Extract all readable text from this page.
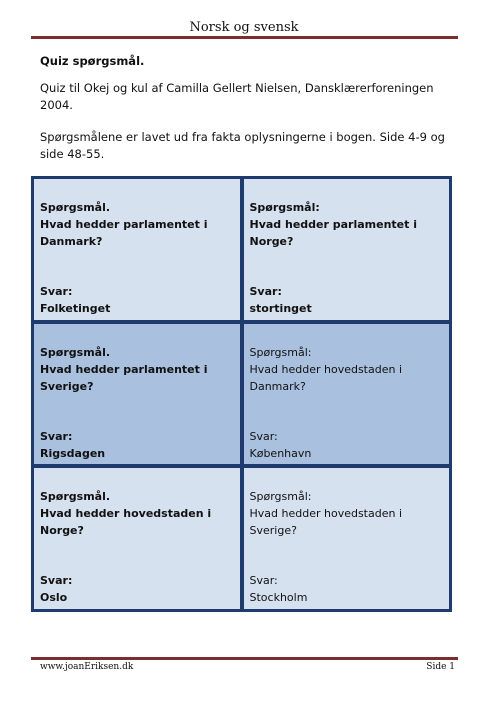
Norsk og svensk
Quiz spørgsmål.
Quiz til Okej og kul af Camilla Gellert Nielsen, Dansklærerforeningen 2004.
Spørgsmålene er lavet ud fra fakta oplysningerne i bogen. Side 4-9 og side 48-55.
Spørgsmål.
Hvad hedder parlamentet i Danmark?
Svar:
Folketinget
Spørgsmål:
Hvad hedder parlamentet i Norge?
Svar:
stortinget
Spørgsmål.
Hvad hedder parlamentet i Sverige?
Svar:
Rigsdagen
Spørgsmål:
Hvad hedder hovedstaden i Danmark?
Svar:
København
Spørgsmål.
Hvad hedder hovedstaden i Norge?
Svar:
Oslo
Spørgsmål:
Hvad hedder hovedstaden i Sverige?
Svar:
Stockholm
www.joanEriksen.dk	Side 1
